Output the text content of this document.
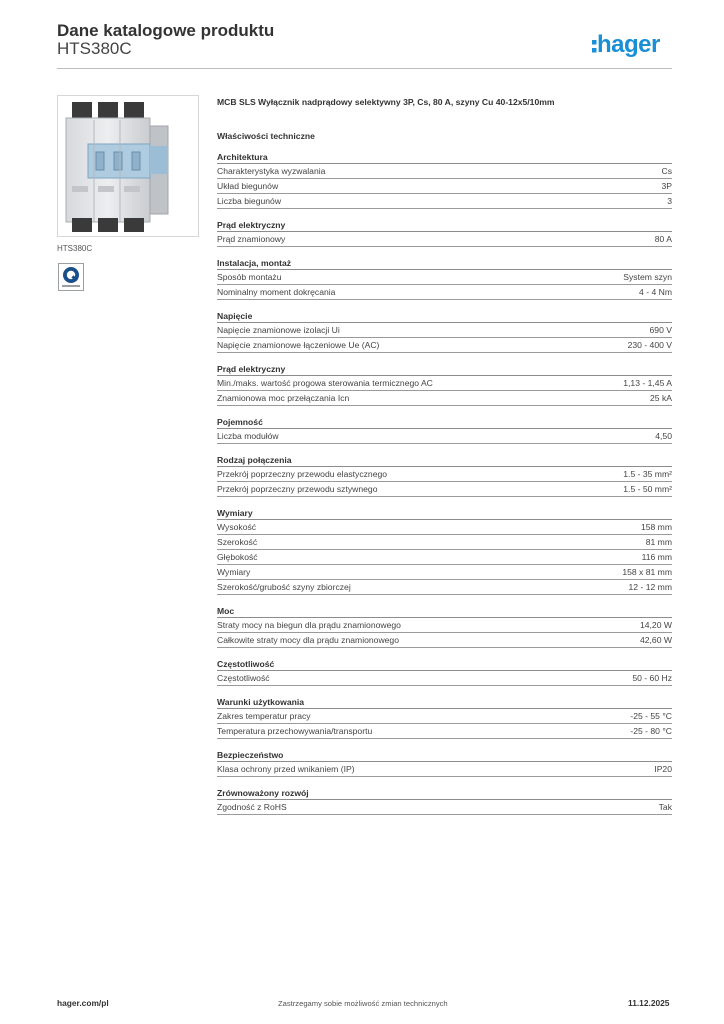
Dane katalogowe produktu
HTS380C	hager
HTS380C
MCB SLS Wyłącznik nadprądowy selektywny 3P, Cs, 80 A, szyny Cu 40-12x5/10mm
Właściwości techniczne
Architektura
Charakterystyka wyzwalania	Cs
Układ biegunów	3P
Liczba biegunów	3
Prąd elektryczny
Prąd znamionowy	80 A
Instalacja, montaż
Sposób montażu	System szyn
Nominalny moment dokręcania	4 - 4 Nm
Napięcie
Napięcie znamionowe izolacji Ui	690 V
Napięcie znamionowe łączeniowe Ue (AC)	230 - 400 V
Prąd elektryczny
Min./maks. wartość progowa sterowania termicznego AC	1,13 - 1,45 A
Znamionowa moc przełączania Icn	25 kA
Pojemność
Liczba modułów	4,50
Rodzaj połączenia
Przekrój poprzeczny przewodu elastycznego	1.5 - 35 mm²
Przekrój poprzeczny przewodu sztywnego	1.5 - 50 mm²
Wymiary
Wysokość	158 mm
Szerokość	81 mm
Głębokość	116 mm
Wymiary	158 x 81 mm
Szerokość/grubość szyny zbiorczej	12 - 12 mm
Moc
Straty mocy na biegun dla prądu znamionowego	14,20 W
Całkowite straty mocy dla prądu znamionowego	42,60 W
Częstotliwość
Częstotliwość	50 - 60 Hz
Warunki użytkowania
Zakres temperatur pracy	-25 - 55 °C
Temperatura przechowywania/transportu	-25 - 80 °C
Bezpieczeństwo
Klasa ochrony przed wnikaniem (IP)	IP20
Zrównoważony rozwój
Zgodność z RoHS	Tak
hager.com/pl	Zastrzegamy sobie możliwość zmian technicznych	11.12.2025
